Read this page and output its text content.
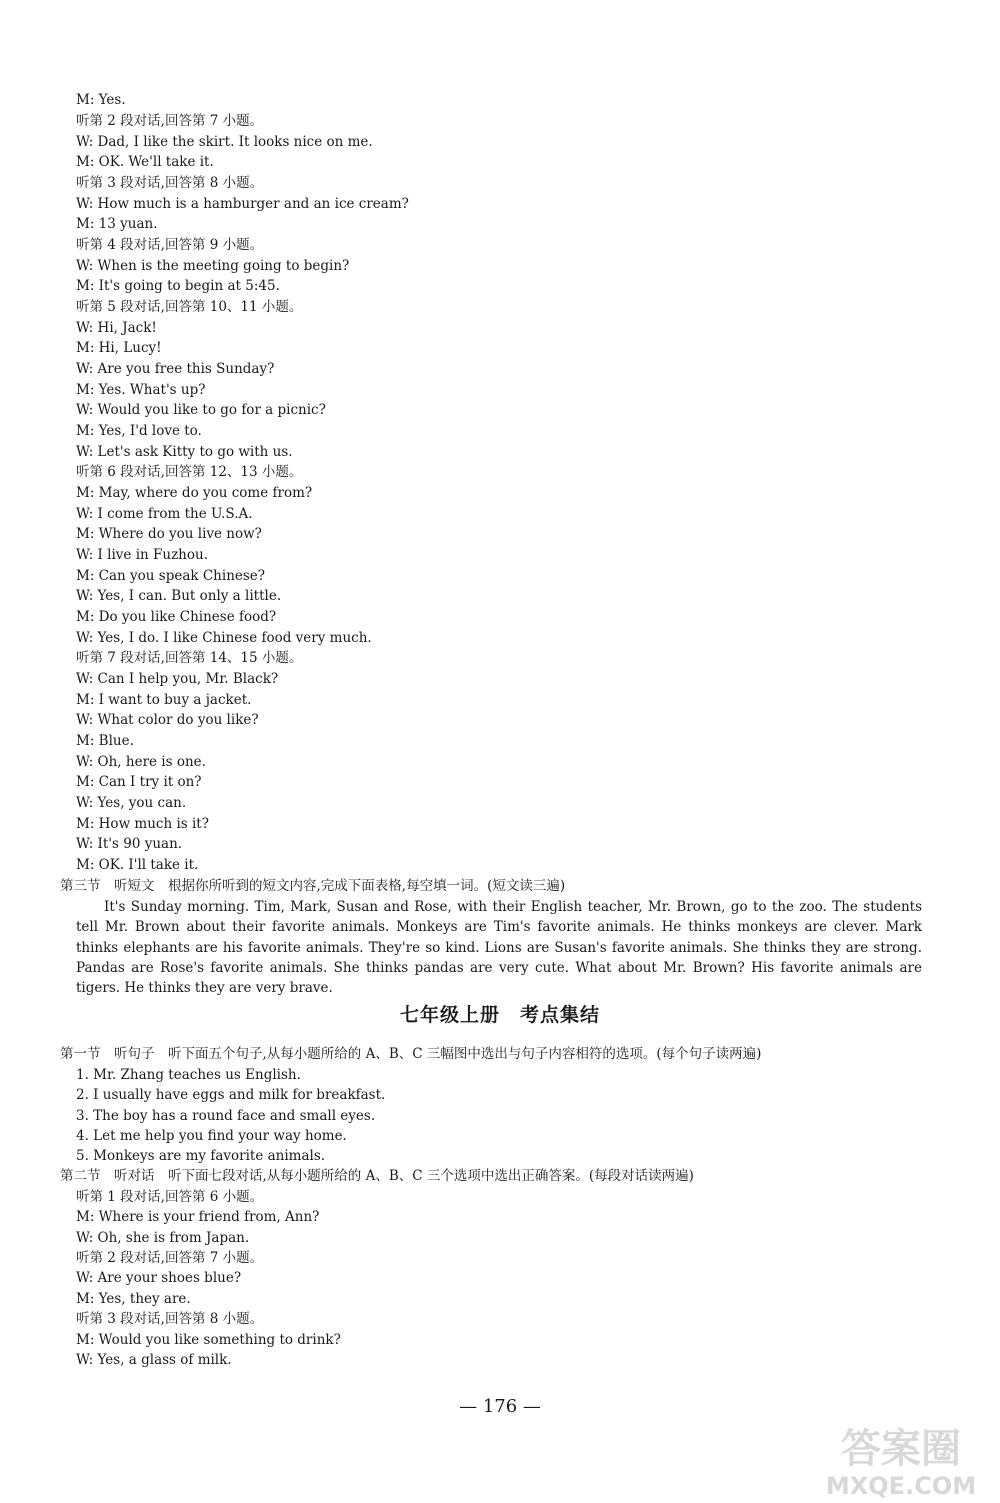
M: Yes.
听第 2 段对话,回答第 7 小题。
W: Dad, I like the skirt. It looks nice on me.
M: OK. We'll take it.
听第 3 段对话,回答第 8 小题。
W: How much is a hamburger and an ice cream?
M: 13 yuan.
听第 4 段对话,回答第 9 小题。
W: When is the meeting going to begin?
M: It's going to begin at 5:45.
听第 5 段对话,回答第 10、11 小题。
W: Hi, Jack!
M: Hi, Lucy!
W: Are you free this Sunday?
M: Yes. What's up?
W: Would you like to go for a picnic?
M: Yes, I'd love to.
W: Let's ask Kitty to go with us.
听第 6 段对话,回答第 12、13 小题。
M: May, where do you come from?
W: I come from the U.S.A.
M: Where do you live now?
W: I live in Fuzhou.
M: Can you speak Chinese?
W: Yes, I can. But only a little.
M: Do you like Chinese food?
W: Yes, I do. I like Chinese food very much.
听第 7 段对话,回答第 14、15 小题。
W: Can I help you, Mr. Black?
M: I want to buy a jacket.
W: What color do you like?
M: Blue.
W: Oh, here is one.
M: Can I try it on?
W: Yes, you can.
M: How much is it?
W: It's 90 yuan.
M: OK. I'll take it.
第三节　听短文　根据你所听到的短文内容,完成下面表格,每空填一词。(短文读三遍)
It's Sunday morning. Tim, Mark, Susan and Rose, with their English teacher, Mr. Brown, go to the zoo. The students tell Mr. Brown about their favorite animals. Monkeys are Tim's favorite animals. He thinks monkeys are clever. Mark thinks elephants are his favorite animals. They're so kind. Lions are Susan's favorite animals. She thinks they are strong. Pandas are Rose's favorite animals. She thinks pandas are very cute. What about Mr. Brown? His favorite animals are tigers. He thinks they are very brave.
七年级上册　考点集结
第一节　听句子　听下面五个句子,从每小题所给的 A、B、C 三幅图中选出与句子内容相符的选项。(每个句子读两遍)
1. Mr. Zhang teaches us English.
2. I usually have eggs and milk for breakfast.
3. The boy has a round face and small eyes.
4. Let me help you find your way home.
5. Monkeys are my favorite animals.
第二节　听对话　听下面七段对话,从每小题所给的 A、B、C 三个选项中选出正确答案。(每段对话读两遍)
听第 1 段对话,回答第 6 小题。
M: Where is your friend from, Ann?
W: Oh, she is from Japan.
听第 2 段对话,回答第 7 小题。
W: Are your shoes blue?
M: Yes, they are.
听第 3 段对话,回答第 8 小题。
M: Would you like something to drink?
W: Yes, a glass of milk.
— 176 —
答案圈
MXQE.COM
